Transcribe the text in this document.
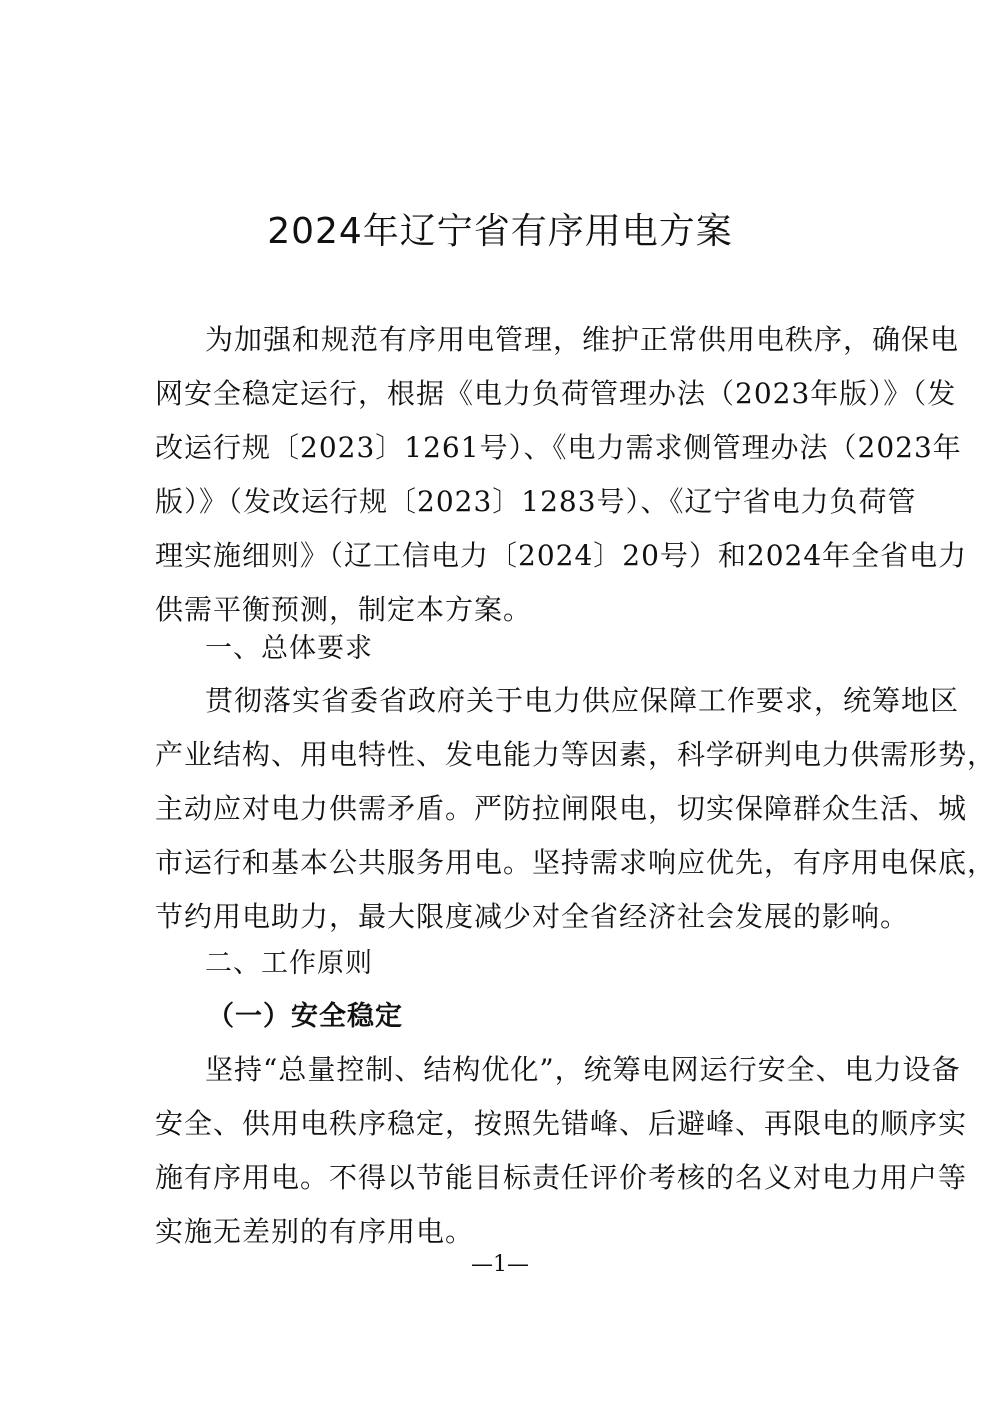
2024年辽宁省有序用电方案
为加强和规范有序用电管理，维护正常供用电秩序，确保电
网安全稳定运行，根据《电力负荷管理办法（2023年版）》（发
改运行规〔2023〕1261号）、《电力需求侧管理办法（2023年
版）》（发改运行规〔2023〕1283号）、《辽宁省电力负荷管
理实施细则》（辽工信电力〔2024〕20号）和2024年全省电力
供需平衡预测，制定本方案。
一、总体要求
贯彻落实省委省政府关于电力供应保障工作要求，统筹地区
产业结构、用电特性、发电能力等因素，科学研判电力供需形势，
主动应对电力供需矛盾。严防拉闸限电，切实保障群众生活、城
市运行和基本公共服务用电。坚持需求响应优先，有序用电保底，
节约用电助力，最大限度减少对全省经济社会发展的影响。
二、工作原则
（一）安全稳定
坚持“总量控制、结构优化”，统筹电网运行安全、电力设备
安全、供用电秩序稳定，按照先错峰、后避峰、再限电的顺序实
施有序用电。不得以节能目标责任评价考核的名义对电力用户等
实施无差别的有序用电。
—1—
